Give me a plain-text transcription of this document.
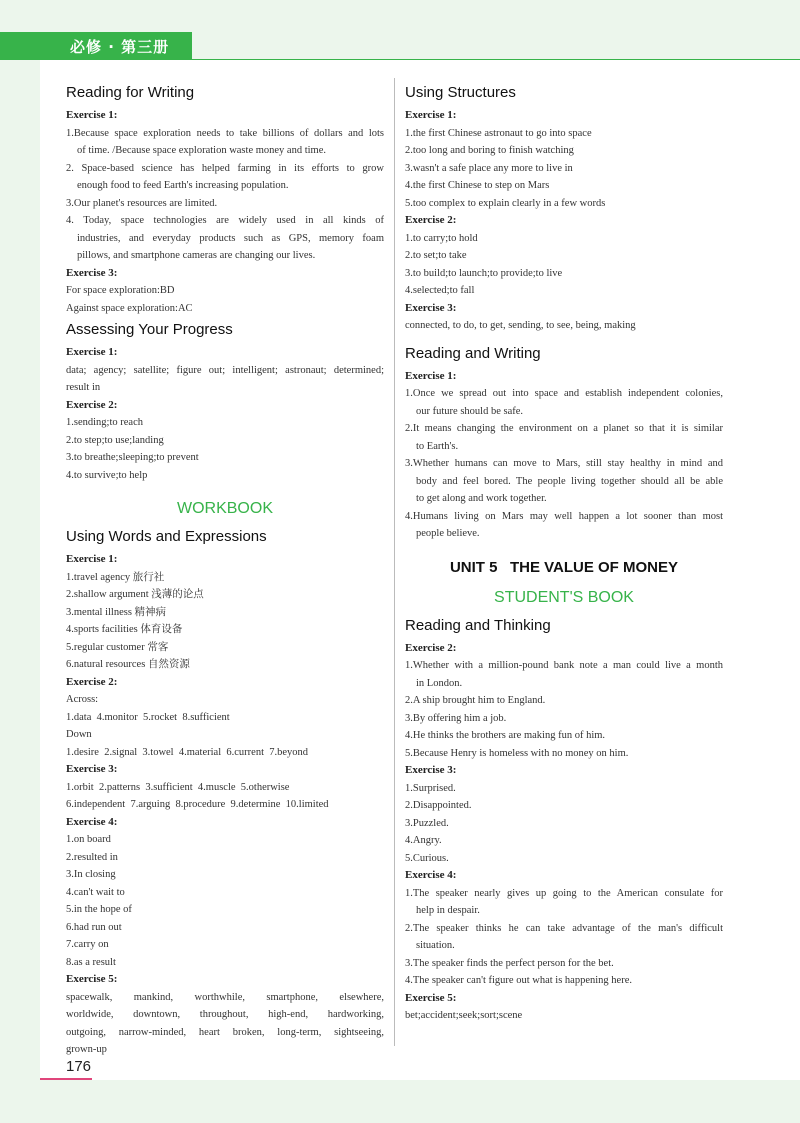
必修 · 第三册
Reading for Writing
Exercise 1:
1.Because space exploration needs to take billions of dollars and lots
of time. /Because space exploration waste money and time.
2. Space-based science has helped farming in its efforts to grow
enough food to feed Earth's increasing population.
3.Our planet's resources are limited.
4. Today, space technologies are widely used in all kinds of
industries, and everyday products such as GPS, memory foam
pillows, and smartphone cameras are changing our lives.
Exercise 3:
For space exploration:BD
Against space exploration:AC
Assessing Your Progress
Exercise 1:
data; agency; satellite; figure out; intelligent; astronaut; determined;
result in
Exercise 2:
1.sending;to reach
2.to step;to use;landing
3.to breathe;sleeping;to prevent
4.to survive;to help
WORKBOOK
Using Words and Expressions
Exercise 1:
1.travel agency 旅行社
2.shallow argument 浅薄的论点
3.mental illness 精神病
4.sports facilities 体育设备
5.regular customer 常客
6.natural resources 自然资源
Exercise 2:
Across:
1.data  4.monitor  5.rocket  8.sufficient
Down
1.desire  2.signal  3.towel  4.material  6.current  7.beyond
Exercise 3:
1.orbit  2.patterns  3.sufficient  4.muscle  5.otherwise
6.independent  7.arguing  8.procedure  9.determine  10.limited
Exercise 4:
1.on board
2.resulted in
3.In closing
4.can't wait to
5.in the hope of
6.had run out
7.carry on
8.as a result
Exercise 5:
spacewalk, mankind, worthwhile, smartphone, elsewhere,
worldwide, downtown, throughout, high-end, hardworking,
outgoing, narrow-minded, heart broken, long-term, sightseeing,
grown-up
Using Structures
Exercise 1:
1.the first Chinese astronaut to go into space
2.too long and boring to finish watching
3.wasn't a safe place any more to live in
4.the first Chinese to step on Mars
5.too complex to explain clearly in a few words
Exercise 2:
1.to carry;to hold
2.to set;to take
3.to build;to launch;to provide;to live
4.selected;to fall
Exercise 3:
connected, to do, to get, sending, to see, being, making
Reading and Writing
Exercise 1:
1.Once we spread out into space and establish independent colonies,
our future should be safe.
2.It means changing the environment on a planet so that it is similar
to Earth's.
3.Whether humans can move to Mars, still stay healthy in mind and
body and feel bored. The people living together should all be able
to get along and work together.
4.Humans living on Mars may well happen a lot sooner than most
people believe.
UNIT 5   THE VALUE OF MONEY
STUDENT'S BOOK
Reading and Thinking
Exercise 2:
1.Whether with a million-pound bank note a man could live a month
in London.
2.A ship brought him to England.
3.By offering him a job.
4.He thinks the brothers are making fun of him.
5.Because Henry is homeless with no money on him.
Exercise 3:
1.Surprised.
2.Disappointed.
3.Puzzled.
4.Angry.
5.Curious.
Exercise 4:
1.The speaker nearly gives up going to the American consulate for
help in despair.
2.The speaker thinks he can take advantage of the man's difficult
situation.
3.The speaker finds the perfect person for the bet.
4.The speaker can't figure out what is happening here.
Exercise 5:
bet;accident;seek;sort;scene
176
